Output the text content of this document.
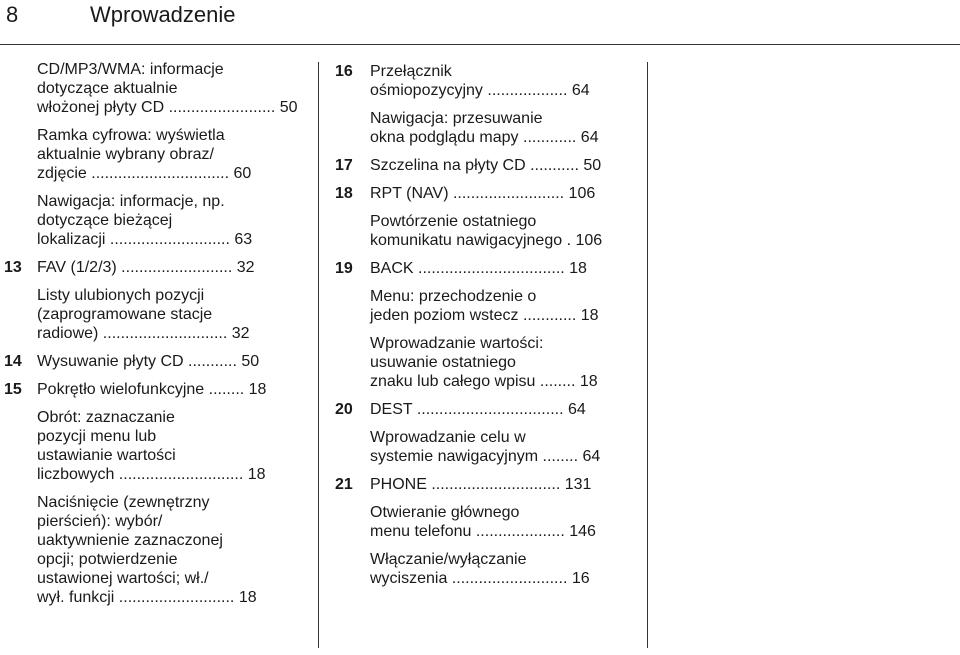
8	Wprowadzenie
CD/MP3/WMA: informacje
dotyczące aktualnie
włożonej płyty CD ........................ 50
Ramka cyfrowa: wyświetla
aktualnie wybrany obraz/
zdjęcie ............................... 60
Nawigacja: informacje, np.
dotyczące bieżącej
lokalizacji ........................... 63
13 FAV (1/2/3) ......................... 32
Listy ulubionych pozycji
(zaprogramowane stacje
radiowe) ............................ 32
14 Wysuwanie płyty CD ........... 50
15 Pokrętło wielofunkcyjne ........ 18
Obrót: zaznaczanie
pozycji menu lub
ustawianie wartości
liczbowych ............................ 18
Naciśnięcie (zewnętrzny
pierścień): wybór/
uaktywnienie zaznaczonej
opcji; potwierdzenie
ustawionej wartości; wł./
wył. funkcji .......................... 18
16 Przełącznik
ośmiopozycyjny .................. 64
Nawigacja: przesuwanie
okna podglądu mapy ............ 64
17 Szczelina na płyty CD ........... 50
18 RPT (NAV) ......................... 106
Powtórzenie ostatniego
komunikatu nawigacyjnego . 106
19 BACK ................................. 18
Menu: przechodzenie o
jeden poziom wstecz ............ 18
Wprowadzanie wartości:
usuwanie ostatniego
znaku lub całego wpisu ........ 18
20 DEST ................................. 64
Wprowadzanie celu w
systemie nawigacyjnym ........ 64
21 PHONE ............................. 131
Otwieranie głównego
menu telefonu .................... 146
Włączanie/wyłączanie
wyciszenia .......................... 16
